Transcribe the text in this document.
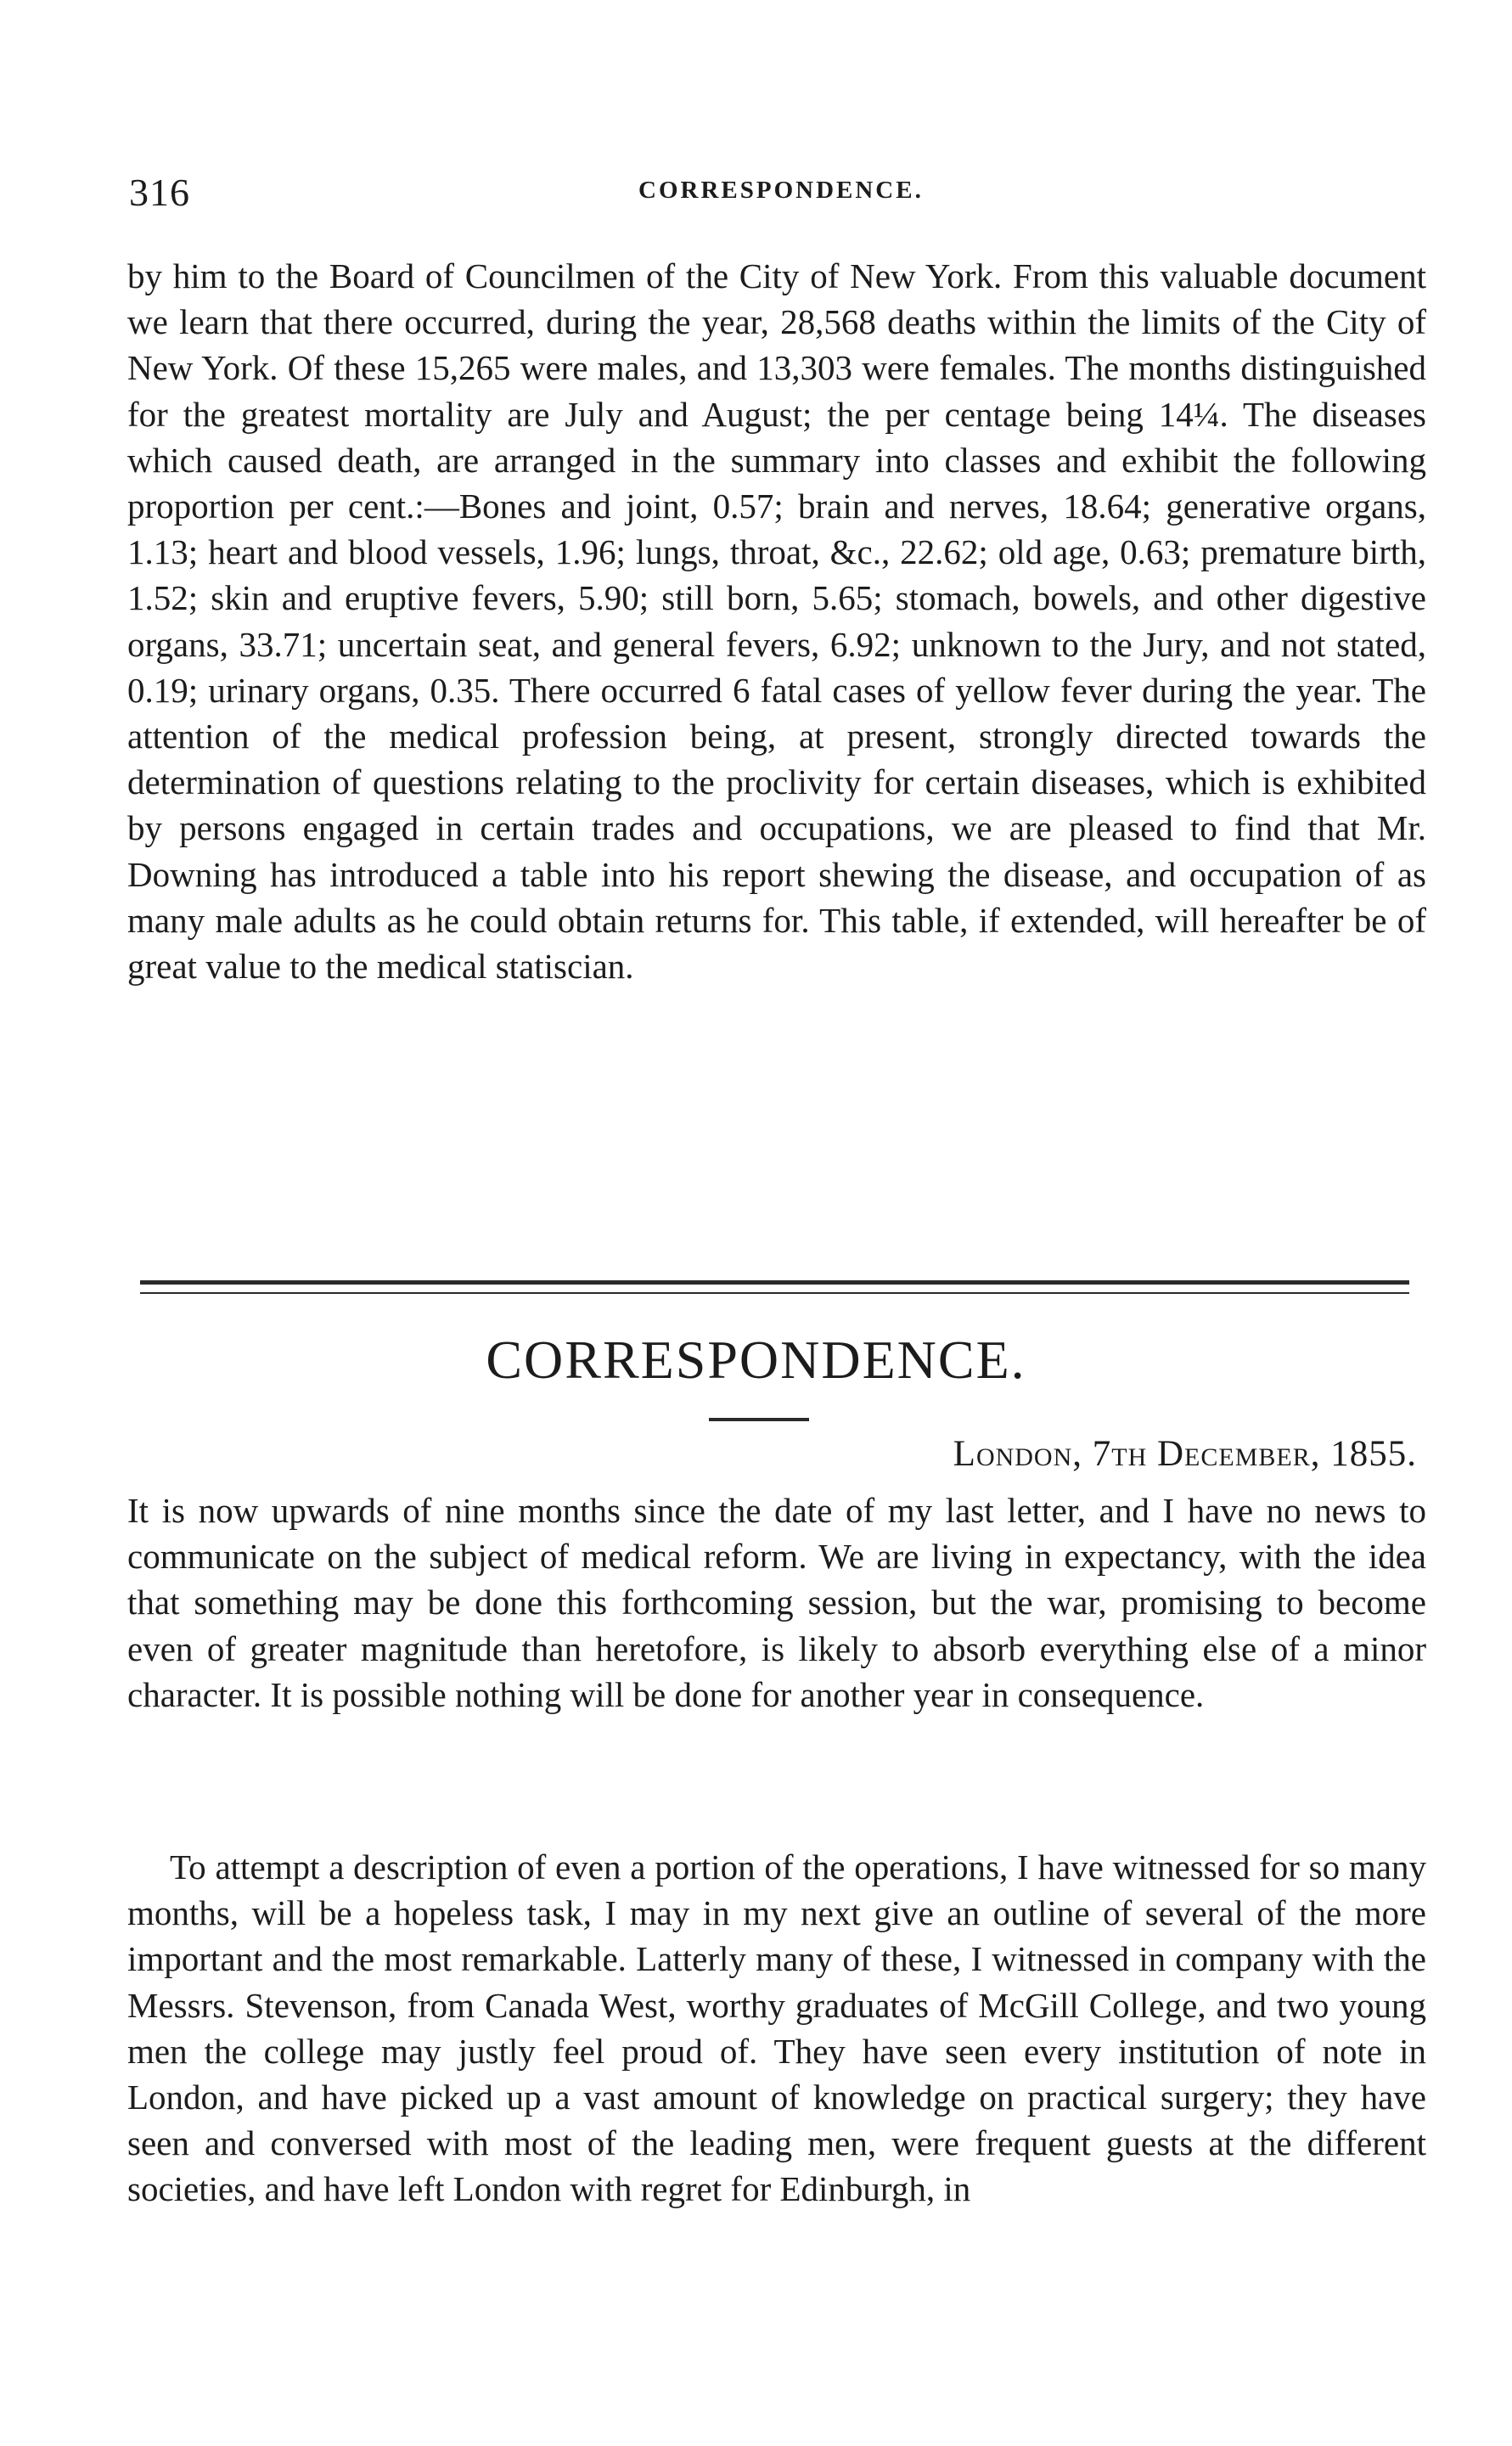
316	CORRESPONDENCE.

by him to the Board of Councilmen of the City of New York. From this valuable document we learn that there occurred, during the year, 28,568 deaths within the limits of the City of New York. Of these 15,265 were males, and 13,303 were females. The months distinguished for the greatest mortality are July and August; the per centage being 14¼. The diseases which caused death, are arranged in the summary into classes and exhibit the following proportion per cent.:—Bones and joint, 0.57; brain and nerves, 18.64; generative organs, 1.13; heart and blood vessels, 1.96; lungs, throat, &c., 22.62; old age, 0.63; premature birth, 1.52; skin and eruptive fevers, 5.90; still born, 5.65; stomach, bowels, and other digestive organs, 33.71; uncertain seat, and general fevers, 6.92; unknown to the Jury, and not stated, 0.19; urinary organs, 0.35. There occurred 6 fatal cases of yellow fever during the year. The attention of the medical profession being, at present, strongly directed towards the determination of questions relating to the proclivity for certain diseases, which is exhibited by persons engaged in certain trades and occupations, we are pleased to find that Mr. Downing has introduced a table into his report shewing the disease, and occupation of as many male adults as he could obtain returns for. This table, if extended, will hereafter be of great value to the medical statiscian.

CORRESPONDENCE.
London, 7th December, 1855.

It is now upwards of nine months since the date of my last letter, and I have no news to communicate on the subject of medical reform. We are living in expectancy, with the idea that something may be done this forthcoming session, but the war, promising to become even of greater magnitude than heretofore, is likely to absorb everything else of a minor character. It is possible nothing will be done for another year in consequence.

To attempt a description of even a portion of the operations, I have witnessed for so many months, will be a hopeless task, I may in my next give an outline of several of the more important and the most remarkable. Latterly many of these, I witnessed in company with the Messrs. Stevenson, from Canada West, worthy graduates of McGill College, and two young men the college may justly feel proud of. They have seen every institution of note in London, and have picked up a vast amount of knowledge on practical surgery; they have seen and conversed with most of the leading men, were frequent guests at the different societies, and have left London with regret for Edinburgh, in
